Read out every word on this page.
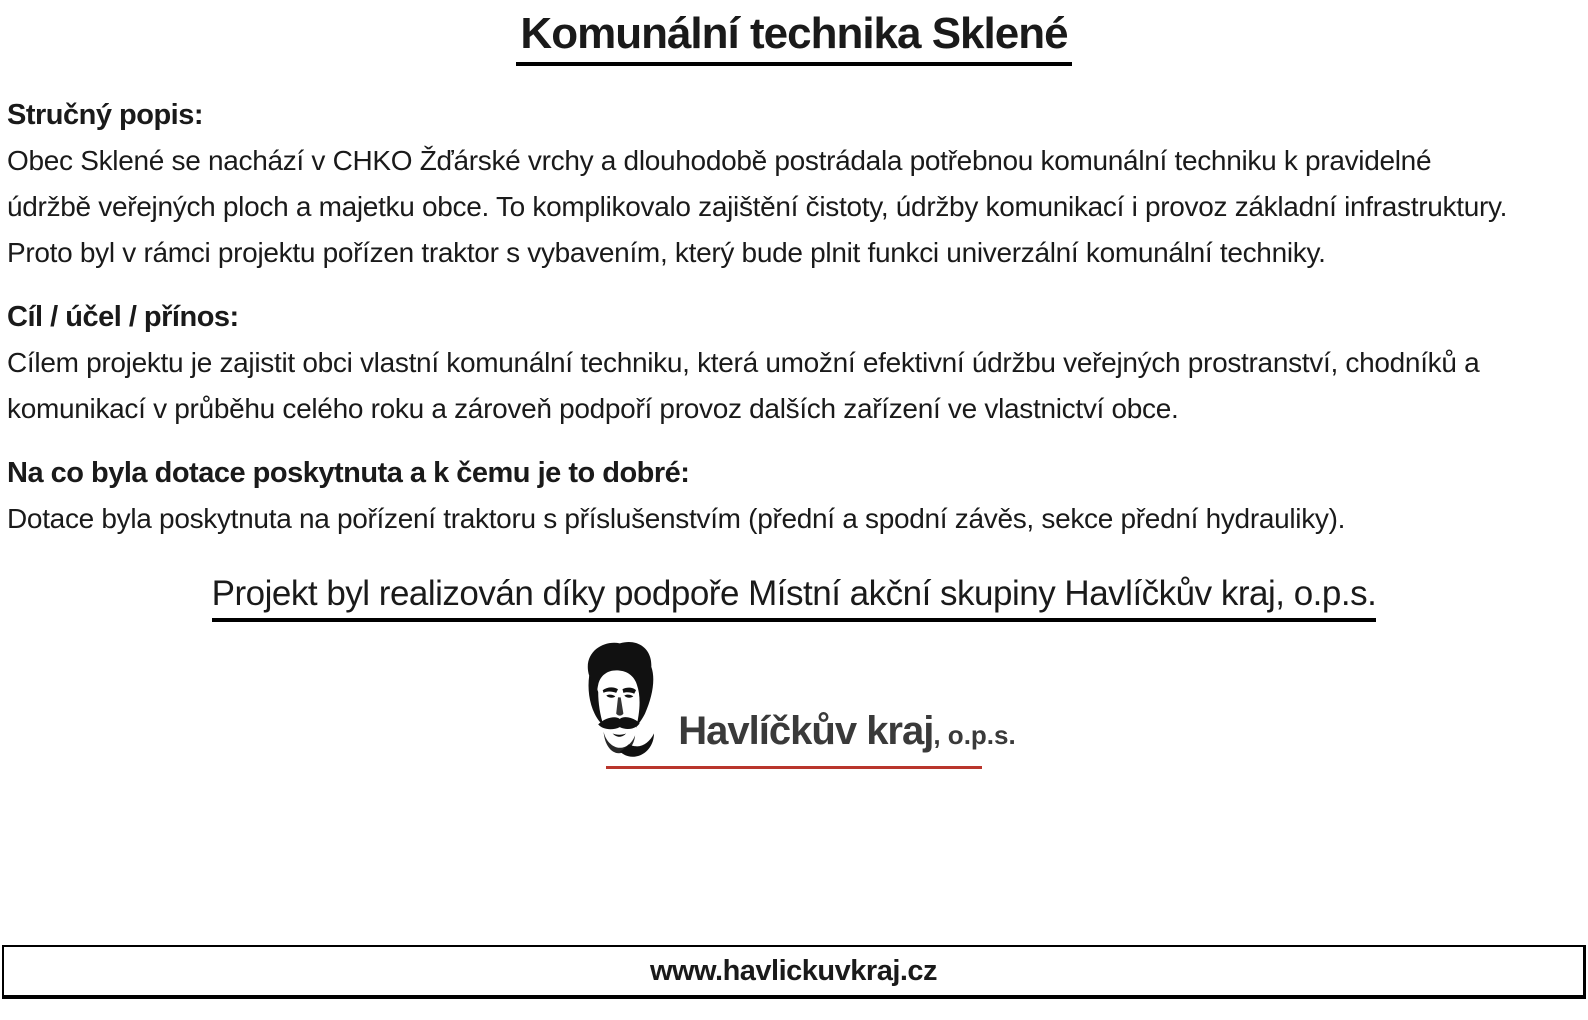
Komunální technika Sklené
Stručný popis:
Obec Sklené se nachází v CHKO Žďárské vrchy a dlouhodobě postrádala potřebnou komunální techniku k pravidelné údržbě veřejných ploch a majetku obce. To komplikovalo zajištění čistoty, údržby komunikací i provoz základní infrastruktury. Proto byl v rámci projektu pořízen traktor s vybavením, který bude plnit funkci univerzální komunální techniky.
Cíl / účel / přínos:
Cílem projektu je zajistit obci vlastní komunální techniku, která umožní efektivní údržbu veřejných prostranství, chodníků a komunikací v průběhu celého roku a zároveň podpoří provoz dalších zařízení ve vlastnictví obce.
Na co byla dotace poskytnuta a k čemu je to dobré:
Dotace byla poskytnuta na pořízení traktoru s příslušenstvím (přední a spodní závěs, sekce přední hydrauliky).
Projekt byl realizován díky podpoře Místní akční skupiny Havlíčkův kraj, o.p.s.
Havlíčkův kraj, o.p.s.
www.havlickuvkraj.cz
